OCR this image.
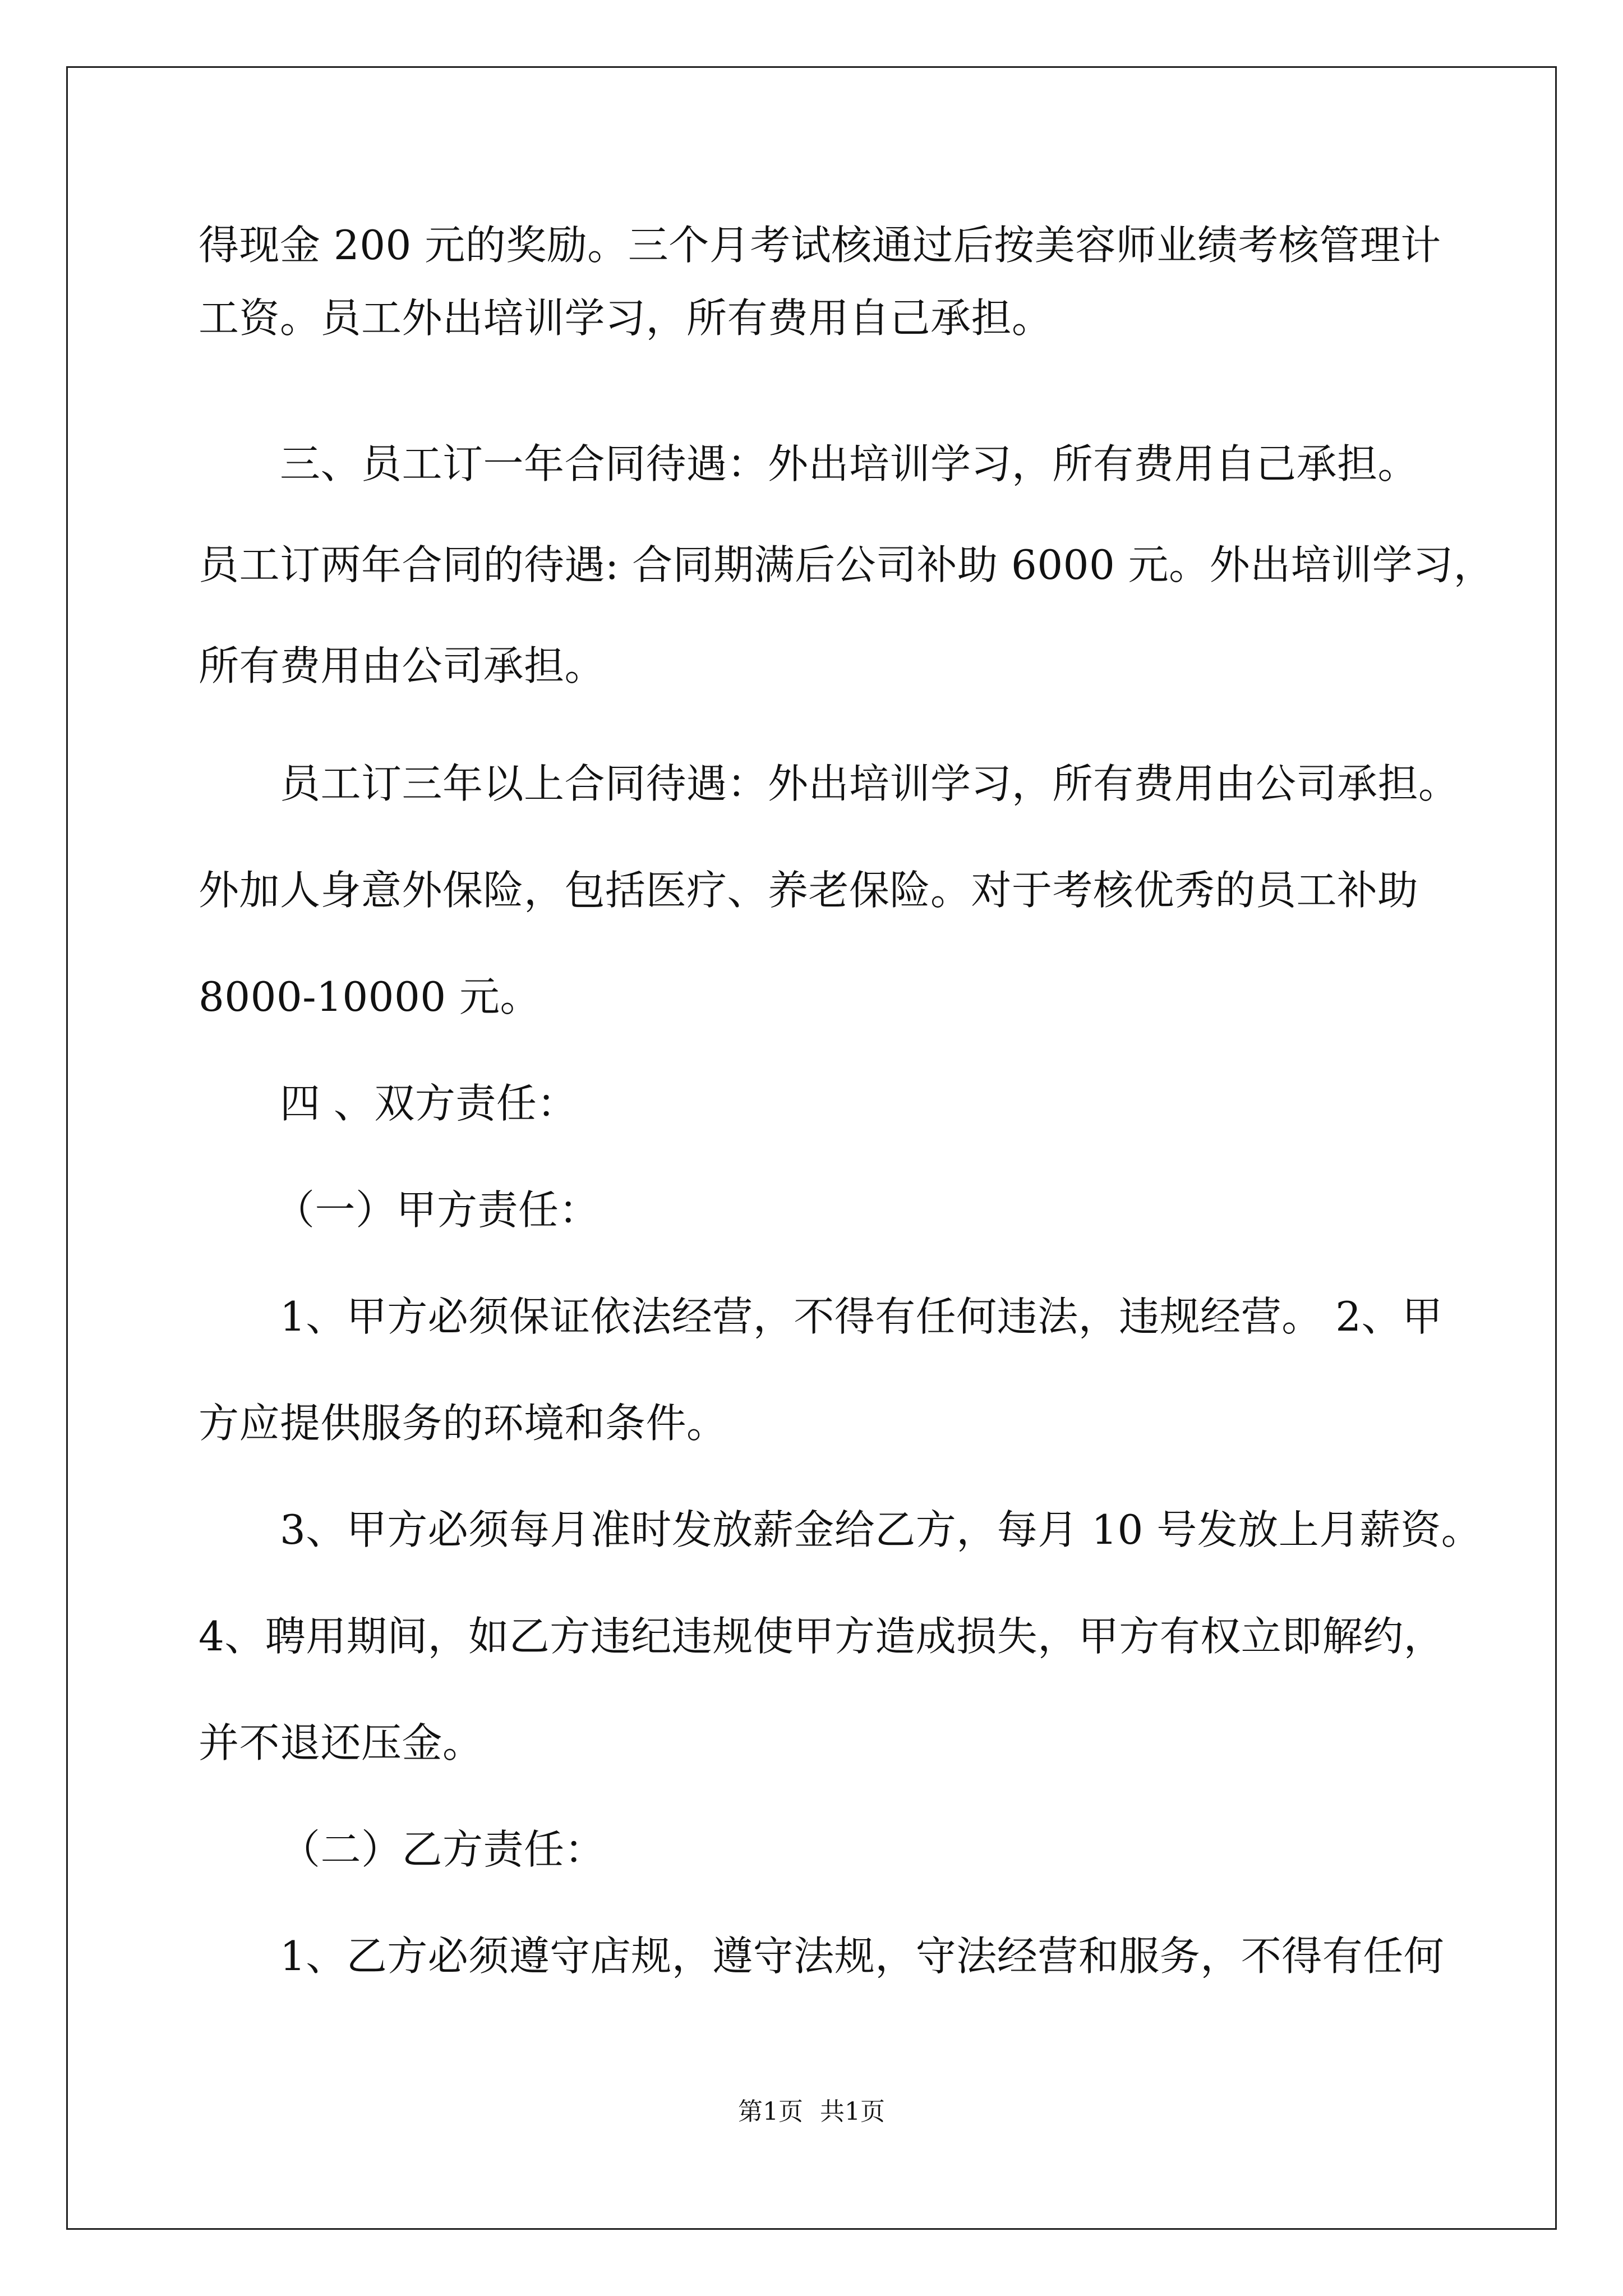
得现金 200 元的奖励。三个月考试核通过后按美容师业绩考核管理计
工资。员工外出培训学习，所有费用自己承担。
三、员工订一年合同待遇：外出培训学习，所有费用自己承担。
员工订两年合同的待遇: 合同期满后公司补助 6000 元。外出培训学习，
所有费用由公司承担。
员工订三年以上合同待遇：外出培训学习，所有费用由公司承担。
外加人身意外保险，包括医疗、养老保险。对于考核优秀的员工补助
8000-10000 元。
四 、双方责任：
（一）甲方责任：
1、甲方必须保证依法经营，不得有任何违法，违规经营。 2、甲
方应提供服务的环境和条件。
3、甲方必须每月准时发放薪金给乙方，每月 10 号发放上月薪资。
4、聘用期间，如乙方违纪违规使甲方造成损失，甲方有权立即解约，
并不退还压金。
（二）乙方责任：
1、乙方必须遵守店规，遵守法规，守法经营和服务，不得有任何
第1页 共1页
